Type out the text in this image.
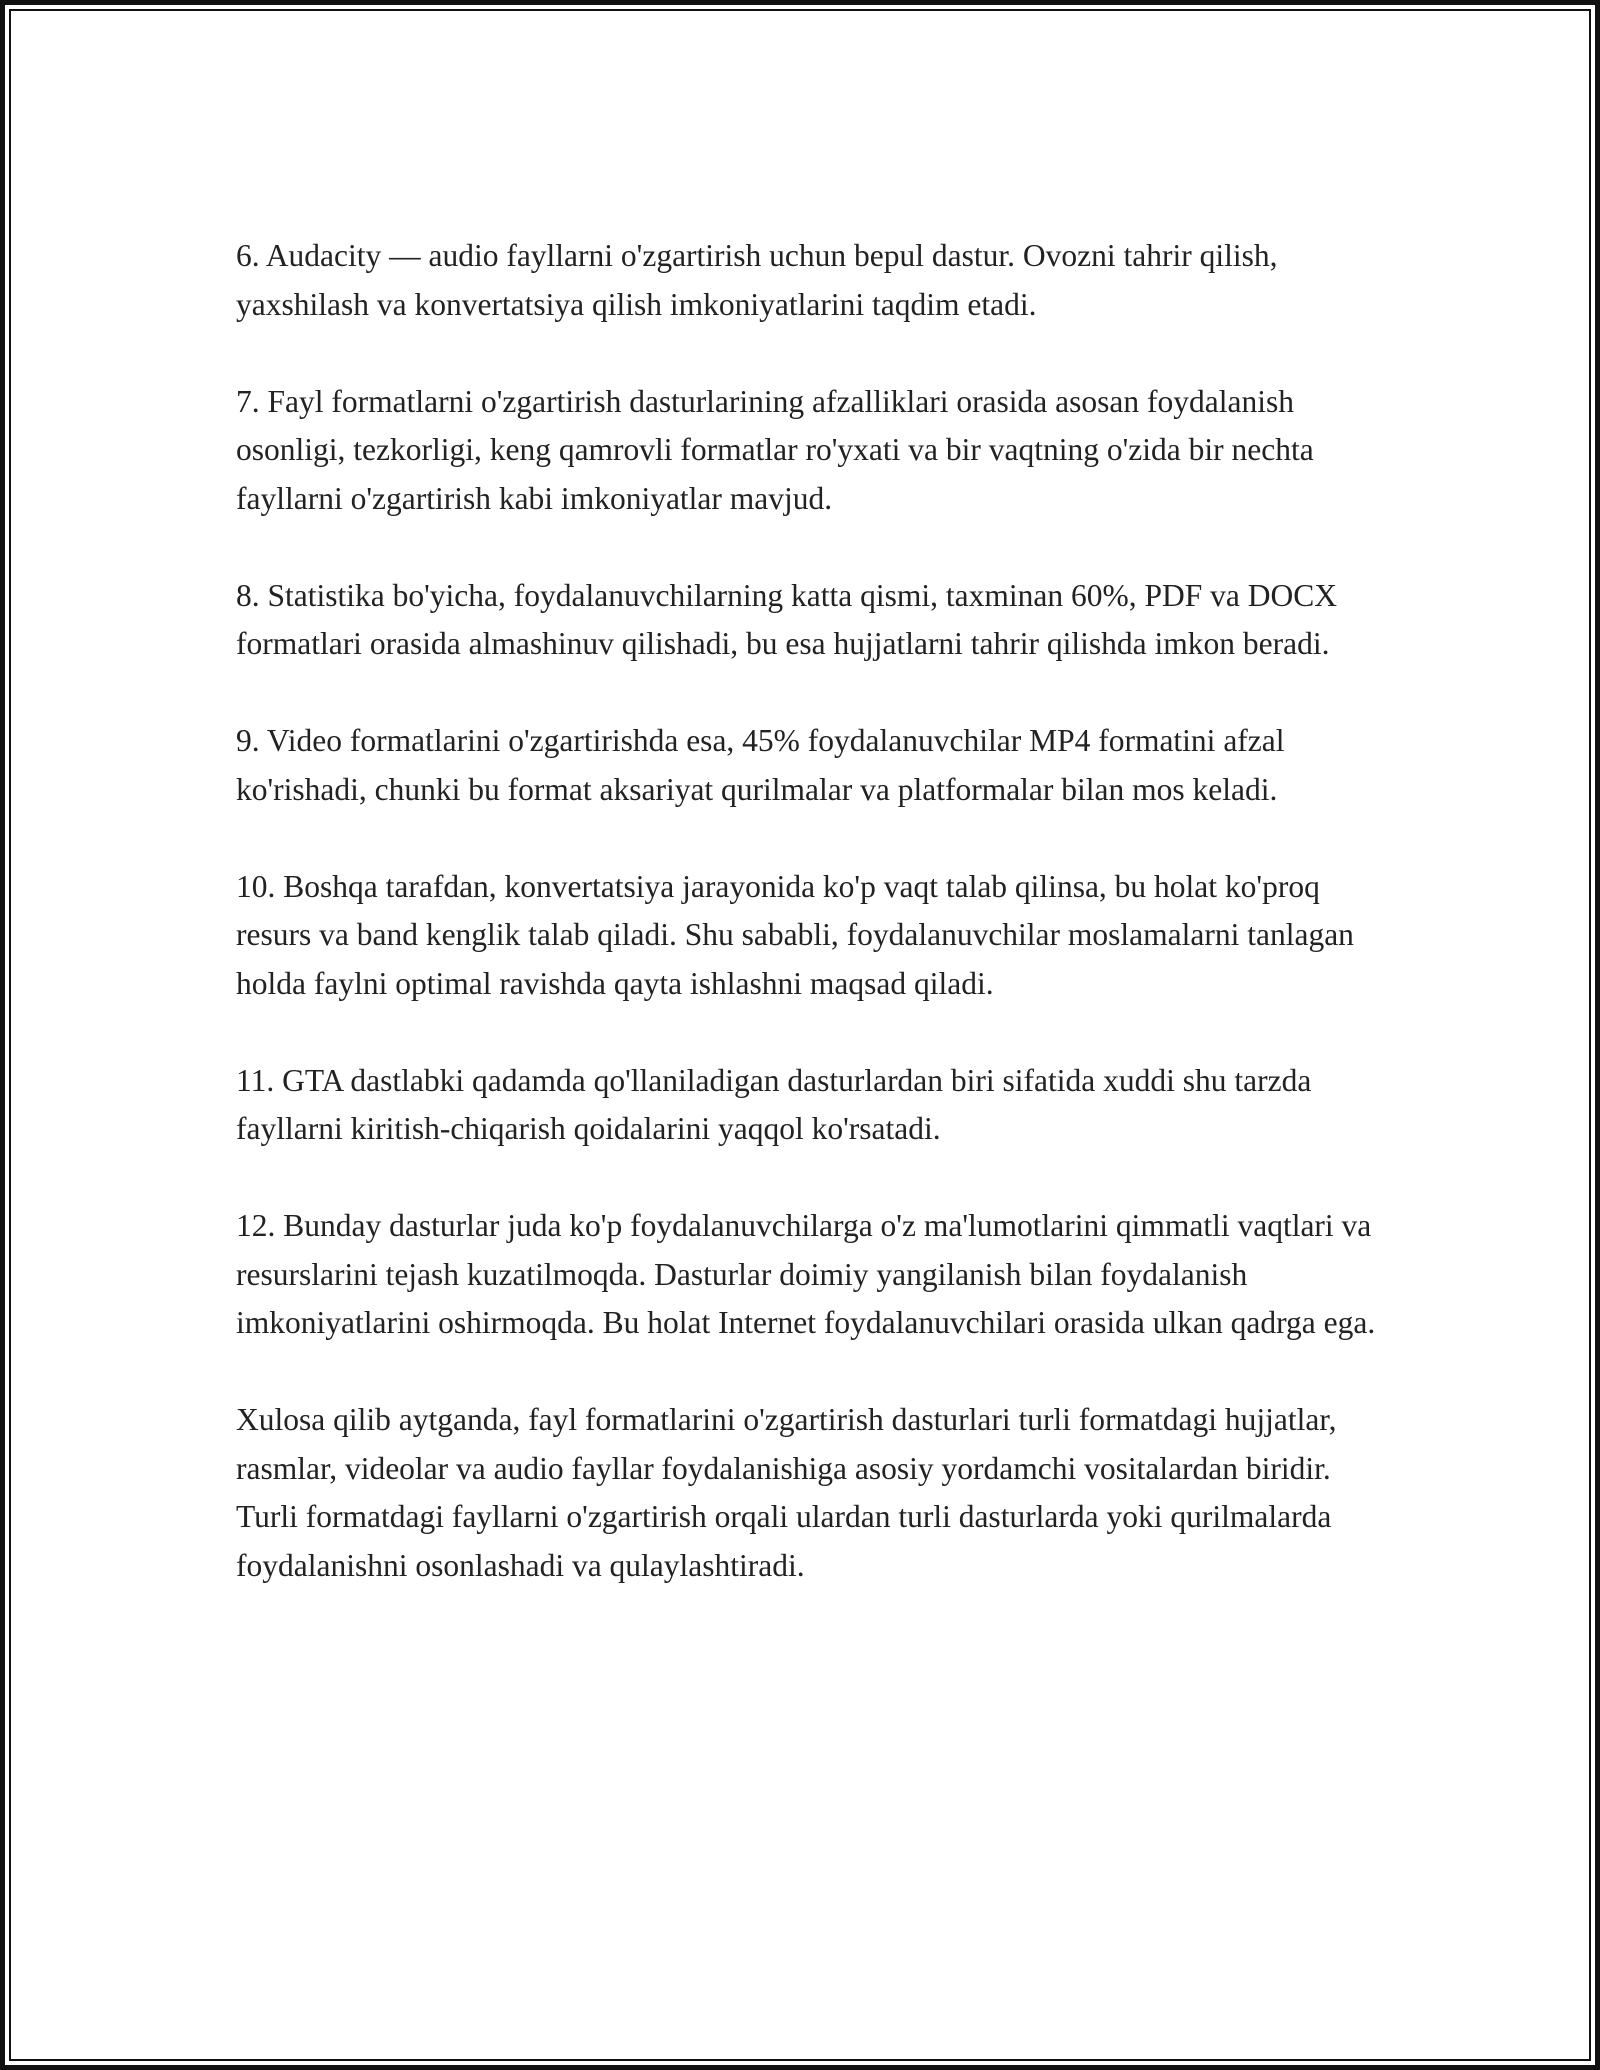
6. Audacity — audio fayllarni o'zgartirish uchun bepul dastur. Ovozni tahrir qilish, yaxshilash va konvertatsiya qilish imkoniyatlarini taqdim etadi.

7. Fayl formatlarni o'zgartirish dasturlarining afzalliklari orasida asosan foydalanish osonligi, tezkorligi, keng qamrovli formatlar ro'yxati va bir vaqtning o'zida bir nechta fayllarni o'zgartirish kabi imkoniyatlar mavjud.

8. Statistika bo'yicha, foydalanuvchilarning katta qismi, taxminan 60%, PDF va DOCX formatlari orasida almashinuv qilishadi, bu esa hujjatlarni tahrir qilishda imkon beradi.

9. Video formatlarini o'zgartirishda esa, 45% foydalanuvchilar MP4 formatini afzal ko'rishadi, chunki bu format aksariyat qurilmalar va platformalar bilan mos keladi.

10. Boshqa tarafdan, konvertatsiya jarayonida ko'p vaqt talab qilinsa, bu holat ko'proq resurs va band kenglik talab qiladi. Shu sababli, foydalanuvchilar moslamalarni tanlagan holda faylni optimal ravishda qayta ishlashni maqsad qiladi.

11. GTA dastlabki qadamda qo'llaniladigan dasturlardan biri sifatida xuddi shu tarzda fayllarni kiritish-chiqarish qoidalarini yaqqol ko'rsatadi.

12. Bunday dasturlar juda ko'p foydalanuvchilarga o'z ma'lumotlarini qimmatli vaqtlari va resurslarini tejash kuzatilmoqda. Dasturlar doimiy yangilanish bilan foydalanish imkoniyatlarini oshirmoqda. Bu holat Internet foydalanuvchilari orasida ulkan qadrga ega.

Xulosa qilib aytganda, fayl formatlarini o'zgartirish dasturlari turli formatdagi hujjatlar, rasmlar, videolar va audio fayllar foydalanishiga asosiy yordamchi vositalardan biridir. Turli formatdagi fayllarni o'zgartirish orqali ulardan turli dasturlarda yoki qurilmalarda foydalanishni osonlashadi va qulaylashtiradi.
